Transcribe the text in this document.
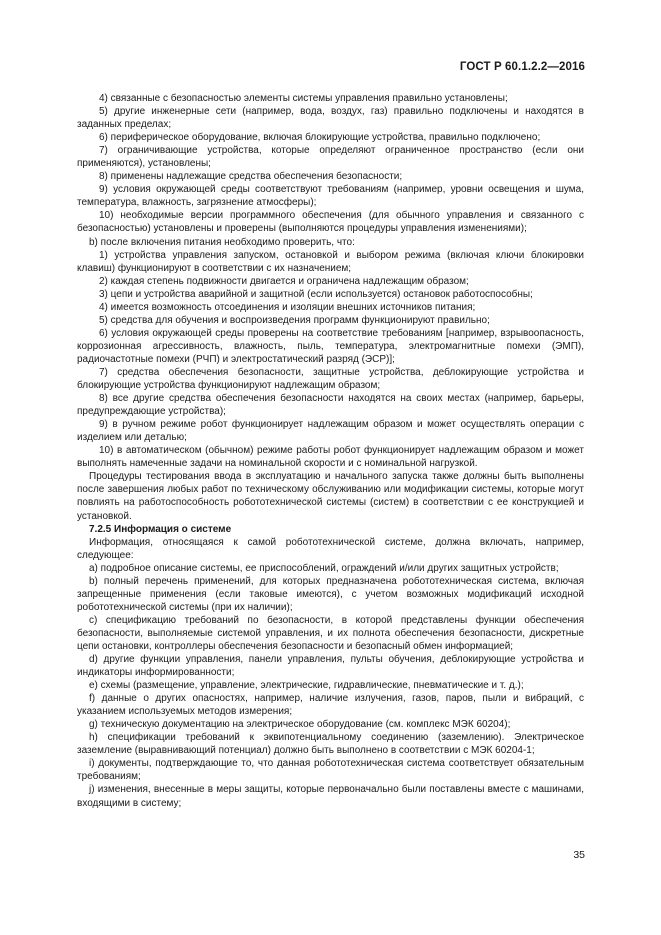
ГОСТ Р 60.1.2.2—2016

4) связанные с безопасностью элементы системы управления правильно установлены;

5) другие инженерные сети (например, вода, воздух, газ) правильно подключены и находятся в заданных пределах;

6) периферическое оборудование, включая блокирующие устройства, правильно подключено;

7) ограничивающие устройства, которые определяют ограниченное пространство (если они применяются), установлены;

8) применены надлежащие средства обеспечения безопасности;

9) условия окружающей среды соответствуют требованиям (например, уровни освещения и шума, температура, влажность, загрязнение атмосферы);

10) необходимые версии программного обеспечения (для обычного управления и связанного с безопасностью) установлены и проверены (выполняются процедуры управления изменениями);

b) после включения питания необходимо проверить, что:

1) устройства управления запуском, остановкой и выбором режима (включая ключи блокировки клавиш) функционируют в соответствии с их назначением;

2) каждая степень подвижности двигается и ограничена надлежащим образом;

3) цепи и устройства аварийной и защитной (если используется) остановок работоспособны;

4) имеется возможность отсоединения и изоляции внешних источников питания;

5) средства для обучения и воспроизведения программ функционируют правильно;

6) условия окружающей среды проверены на соответствие требованиям [например, взрывоопасность, коррозионная агрессивность, влажность, пыль, температура, электромагнитные помехи (ЭМП), радиочастотные помехи (РЧП) и электростатический разряд (ЭСР)];

7) средства обеспечения безопасности, защитные устройства, деблокирующие устройства и блокирующие устройства функционируют надлежащим образом;

8) все другие средства обеспечения безопасности находятся на своих местах (например, барьеры, предупреждающие устройства);

9) в ручном режиме робот функционирует надлежащим образом и может осуществлять операции с изделием или деталью;

10) в автоматическом (обычном) режиме работы робот функционирует надлежащим образом и может выполнять намеченные задачи на номинальной скорости и с номинальной нагрузкой.

Процедуры тестирования ввода в эксплуатацию и начального запуска также должны быть выполнены после завершения любых работ по техническому обслуживанию или модификации системы, которые могут повлиять на работоспособность робототехнической системы (систем) в соответствии с ее конструкцией и установкой.

7.2.5 Информация о системе

Информация, относящаяся к самой робототехнической системе, должна включать, например, следующее:

a) подробное описание системы, ее приспособлений, ограждений и/или других защитных устройств;

b) полный перечень применений, для которых предназначена робототехническая система, включая запрещенные применения (если таковые имеются), с учетом возможных модификаций исходной робототехнической системы (при их наличии);

c) спецификацию требований по безопасности, в которой представлены функции обеспечения безопасности, выполняемые системой управления, и их полнота обеспечения безопасности, дискретные цепи остановки, контроллеры обеспечения безопасности и безопасный обмен информацией;

d) другие функции управления, панели управления, пульты обучения, деблокирующие устройства и индикаторы информированности;

e) схемы (размещение, управление, электрические, гидравлические, пневматические и т. д.);

f) данные о других опасностях, например, наличие излучения, газов, паров, пыли и вибраций, с указанием используемых методов измерения;

g) техническую документацию на электрическое оборудование (см. комплекс МЭК 60204);

h) спецификации требований к эквипотенциальному соединению (заземлению). Электрическое заземление (выравнивающий потенциал) должно быть выполнено в соответствии с МЭК 60204-1;

i) документы, подтверждающие то, что данная робототехническая система соответствует обязательным требованиям;

j) изменения, внесенные в меры защиты, которые первоначально были поставлены вместе с машинами, входящими в систему;

35
